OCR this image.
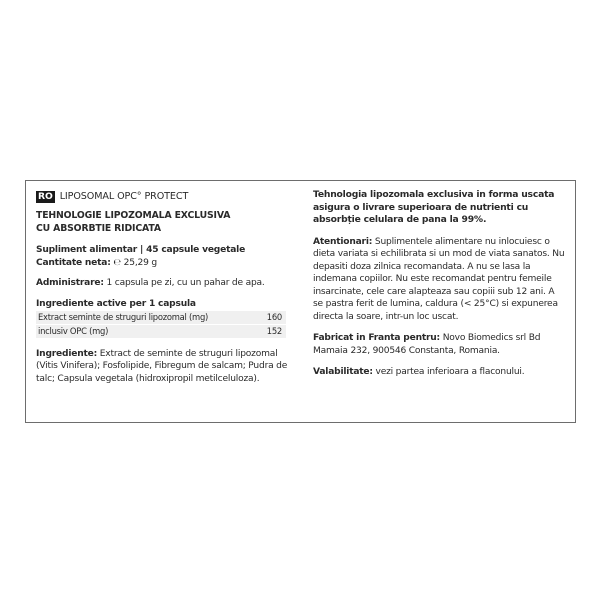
RO LIPOSOMAL OPC° PROTECT
TEHNOLOGIE LIPOZOMALA EXCLUSIVA
CU ABSORBTIE RIDICATA
Supliment alimentar | 45 capsule vegetale
Cantitate neta: ℮ 25,29 g
Administrare: 1 capsula pe zi, cu un pahar de apa.
Ingrediente active per 1 capsula
Extract seminte de struguri lipozomal (mg)	160
inclusiv OPC (mg)	152
Ingrediente: Extract de seminte de struguri lipozomal (Vitis Vinifera); Fosfolipide, Fibregum de salcam; Pudra de talc; Capsula vegetala (hidroxipropil metilceluloza).
Tehnologia lipozomala exclusiva in forma uscata asigura o livrare superioara de nutrienti cu absorbție celulara de pana la 99%.
Atentionari: Suplimentele alimentare nu inlocuiesc o dieta variata si echilibrata si un mod de viata sanatos. Nu depasiti doza zilnica recomandata. A nu se lasa la indemana copiilor. Nu este recomandat pentru femeile insarcinate, cele care alapteaza sau copiii sub 12 ani. A se pastra ferit de lumina, caldura (< 25°C) si expunerea directa la soare, intr-un loc uscat.
Fabricat in Franta pentru: Novo Biomedics srl Bd Mamaia 232, 900546 Constanta, Romania.
Valabilitate: vezi partea inferioara a flaconului.
